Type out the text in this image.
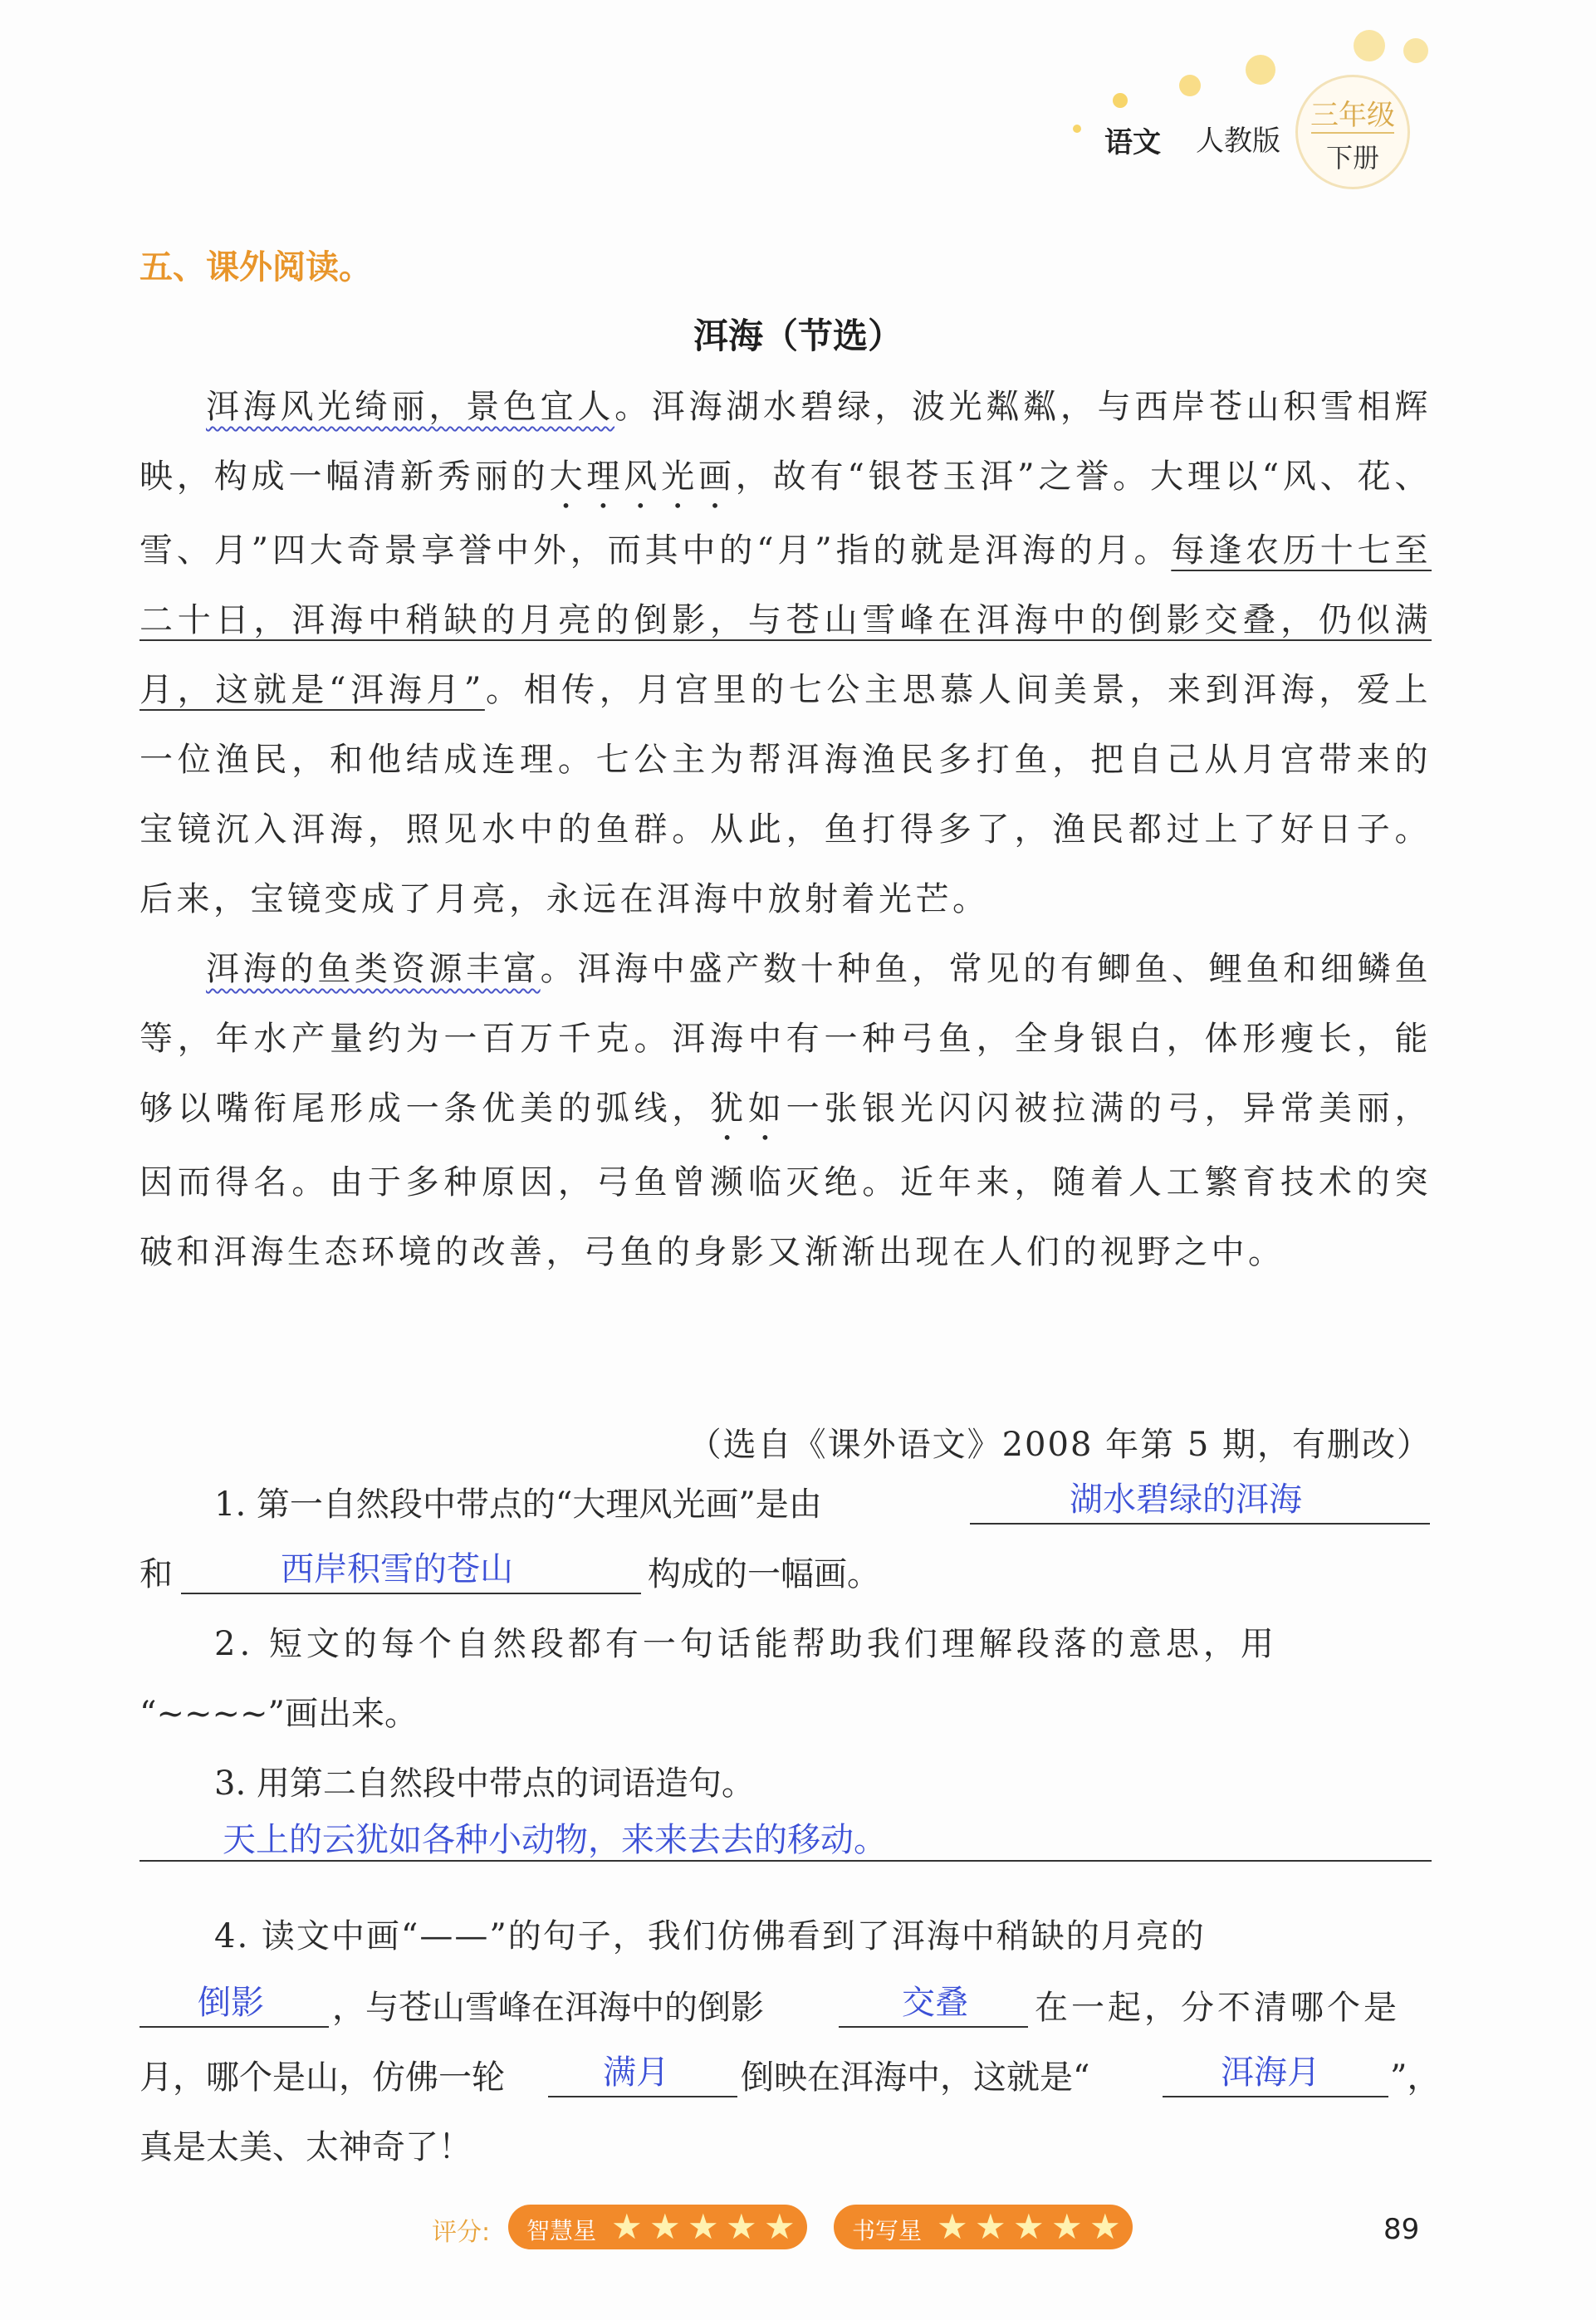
语文 人教版
三年级
下册
五、课外阅读。
洱海（节选）

洱海风光绮丽，景色宜人。洱海湖水碧绿，波光粼粼，与西岸苍山积雪相辉映，构成一幅清新秀丽的大理风光画，故有“银苍玉洱”之誉。大理以“风、花、雪、月”四大奇景享誉中外，而其中的“月”指的就是洱海的月。每逢农历十七至二十日，洱海中稍缺的月亮的倒影，与苍山雪峰在洱海中的倒影交叠，仍似满月，这就是“洱海月”。相传，月宫里的七公主思慕人间美景，来到洱海，爱上一位渔民，和他结成连理。七公主为帮洱海渔民多打鱼，把自己从月宫带来的宝镜沉入洱海，照见水中的鱼群。从此，鱼打得多了，渔民都过上了好日子。后来，宝镜变成了月亮，永远在洱海中放射着光芒。

洱海的鱼类资源丰富。洱海中盛产数十种鱼，常见的有鲫鱼、鲤鱼和细鳞鱼等，年水产量约为一百万千克。洱海中有一种弓鱼，全身银白，体形瘦长，能够以嘴衔尾形成一条优美的弧线，犹如一张银光闪闪被拉满的弓，异常美丽，因而得名。由于多种原因，弓鱼曾濒临灭绝。近年来，随着人工繁育技术的突破和洱海生态环境的改善，弓鱼的身影又渐渐出现在人们的视野之中。

（选自《课外语文》2008 年第 5 期，有删改）
1. 第一自然段中带点的“大理风光画”是由	湖水碧绿的洱海
和	西岸积雪的苍山	构成的一幅画。
2. 短文的每个自然段都有一句话能帮助我们理解段落的意思，用
“~~~~”画出来。
3. 用第二自然段中带点的词语造句。
天上的云犹如各种小动物，来来去去的移动。
4. 读文中画“——”的句子，我们仿佛看到了洱海中稍缺的月亮的
倒影 ，与苍山雪峰在洱海中的倒影	交叠 在一起，分不清哪个是
月，哪个是山，仿佛一轮	满月 倒映在洱海中，这就是“	洱海月 ”，
真是太美、太神奇了！
评分: 智慧星 ★ ★ ★ ★ ★ 书写星 ★ ★ ★ ★ ★	89
